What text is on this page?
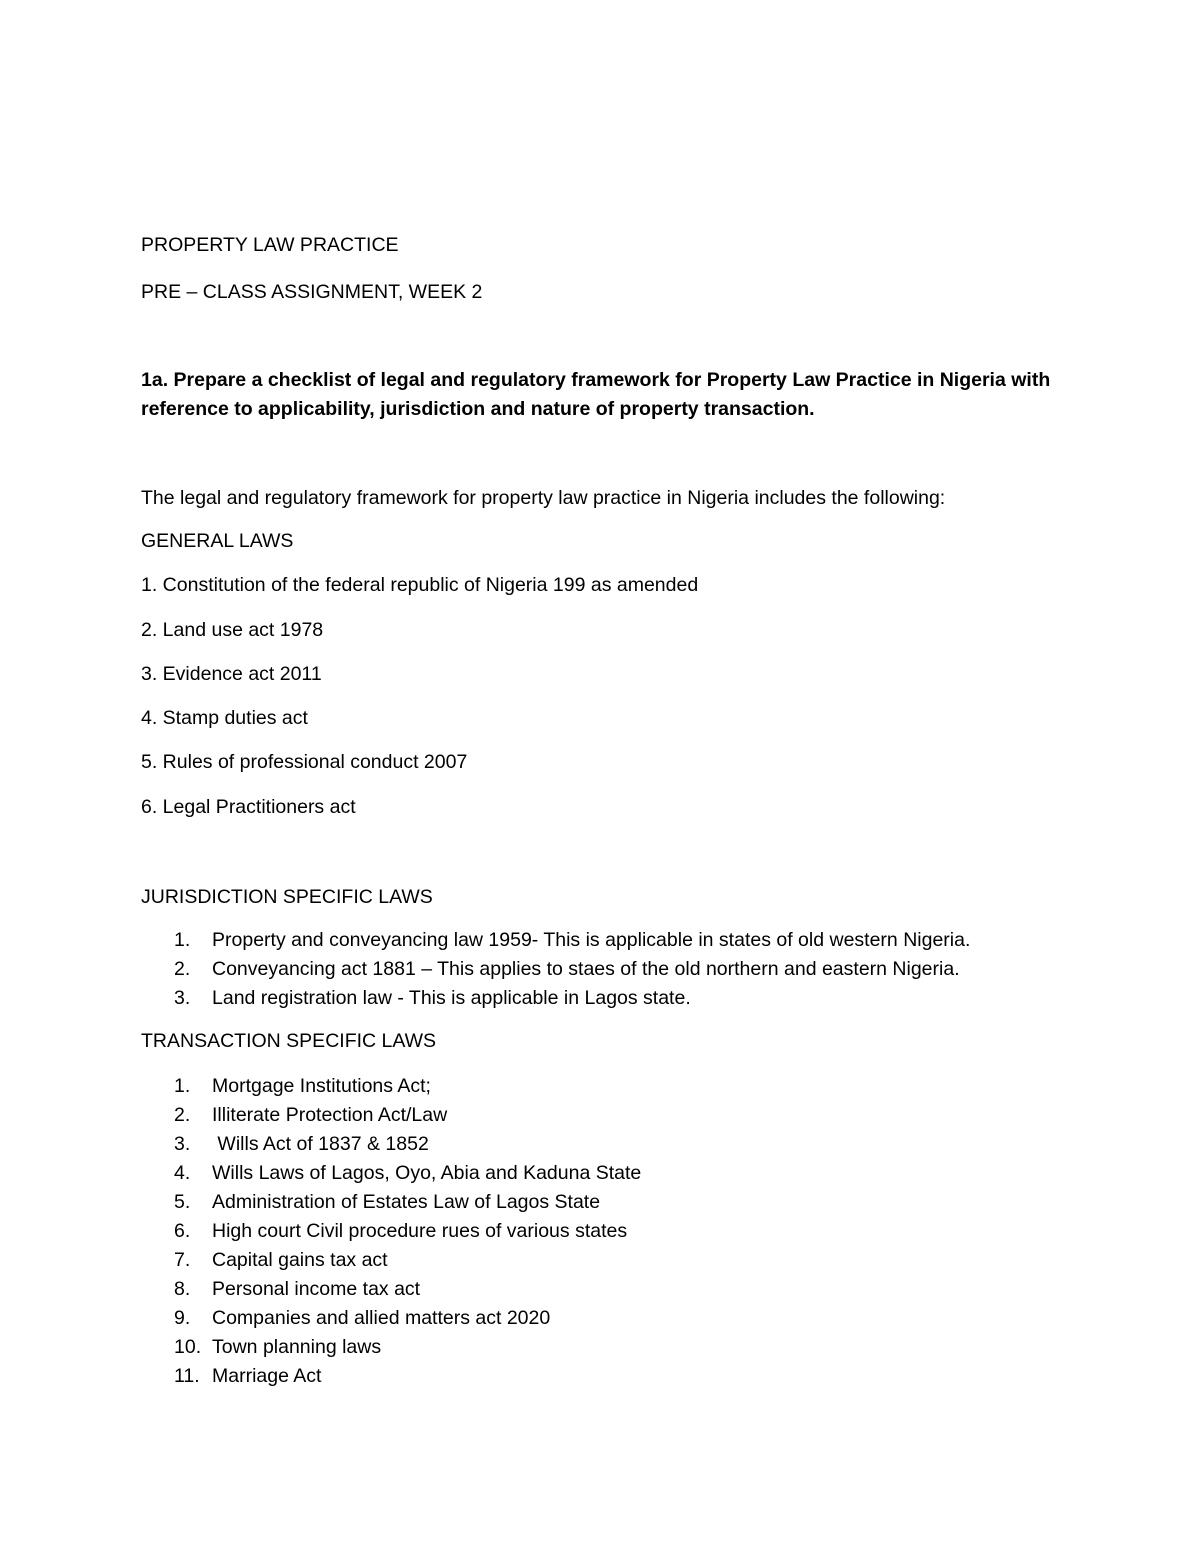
PROPERTY LAW PRACTICE
PRE – CLASS ASSIGNMENT, WEEK 2
1a. Prepare a checklist of legal and regulatory framework for Property Law Practice in Nigeria with reference to applicability, jurisdiction and nature of property transaction.
The legal and regulatory framework for property law practice in Nigeria includes the following:
GENERAL LAWS
1. Constitution of the federal republic of Nigeria 199 as amended
2. Land use act 1978
3. Evidence act 2011
4. Stamp duties act
5. Rules of professional conduct 2007
6. Legal Practitioners act
JURISDICTION SPECIFIC LAWS
1.	Property and conveyancing law 1959- This is applicable in states of old western Nigeria.
2.	Conveyancing act 1881 – This applies to staes of the old northern and eastern Nigeria.
3.	Land registration law - This is applicable in Lagos state.
TRANSACTION SPECIFIC LAWS
1.	Mortgage Institutions Act;
2.	Illiterate Protection Act/Law
3.	Wills Act of 1837 & 1852
4.	Wills Laws of Lagos, Oyo, Abia and Kaduna State
5.	Administration of Estates Law of Lagos State
6.	High court Civil procedure rues of various states
7.	Capital gains tax act
8.	Personal income tax act
9.	Companies and allied matters act 2020
10. Town planning laws
11. Marriage Act
